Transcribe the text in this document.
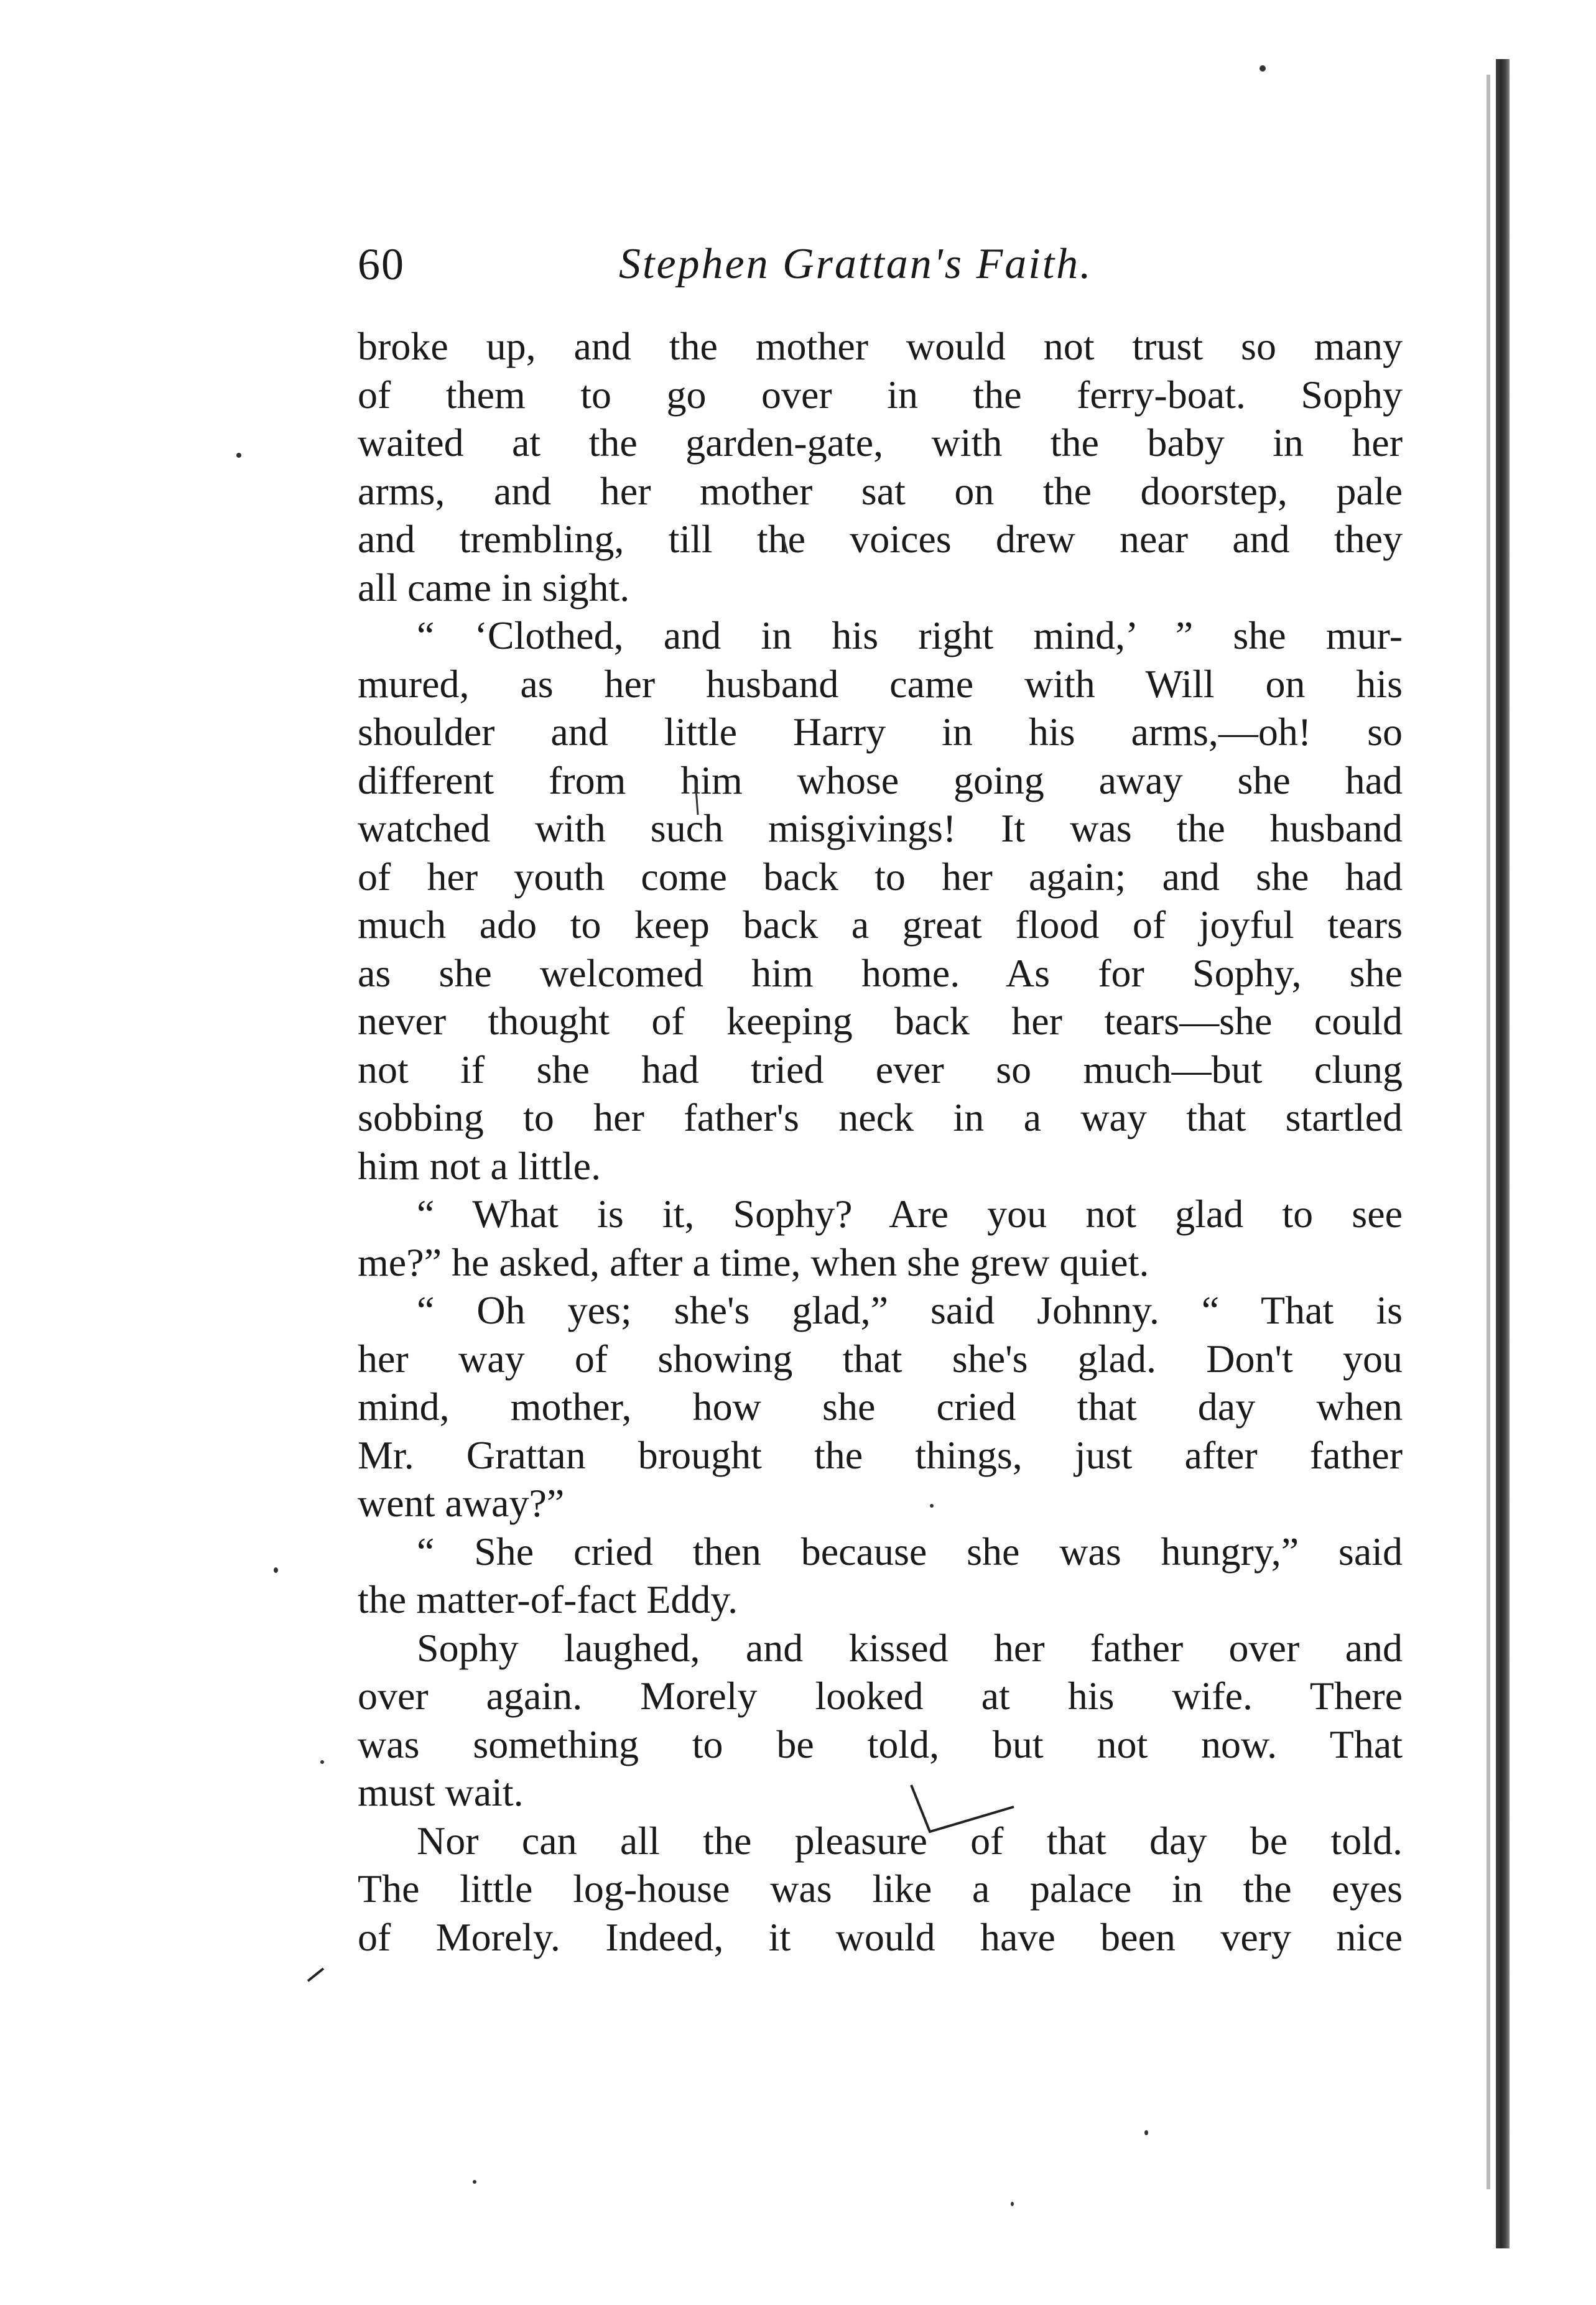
60	Stephen Grattan's Faith.
broke up, and the mother would not trust so many
of them to go over in the ferry-boat. Sophy
waited at the garden-gate, with the baby in her
arms, and her mother sat on the doorstep, pale
and trembling, till the voices drew near and they
all came in sight.
“ ‘Clothed, and in his right mind,’ ” she mur-
mured, as her husband came with Will on his
shoulder and little Harry in his arms,—oh! so
different from him whose going away she had
watched with such misgivings! It was the husband
of her youth come back to her again; and she had
much ado to keep back a great flood of joyful tears
as she welcomed him home. As for Sophy, she
never thought of keeping back her tears—she could
not if she had tried ever so much—but clung
sobbing to her father's neck in a way that startled
him not a little.
“ What is it, Sophy? Are you not glad to see
me?” he asked, after a time, when she grew quiet.
“ Oh yes; she's glad,” said Johnny. “ That is
her way of showing that she's glad. Don't you
mind, mother, how she cried that day when
Mr. Grattan brought the things, just after father
went away?”
“ She cried then because she was hungry,” said
the matter-of-fact Eddy.
Sophy laughed, and kissed her father over and
over again. Morely looked at his wife. There
was something to be told, but not now. That
must wait.
Nor can all the pleasure of that day be told.
The little log-house was like a palace in the eyes
of Morely. Indeed, it would have been very nice
